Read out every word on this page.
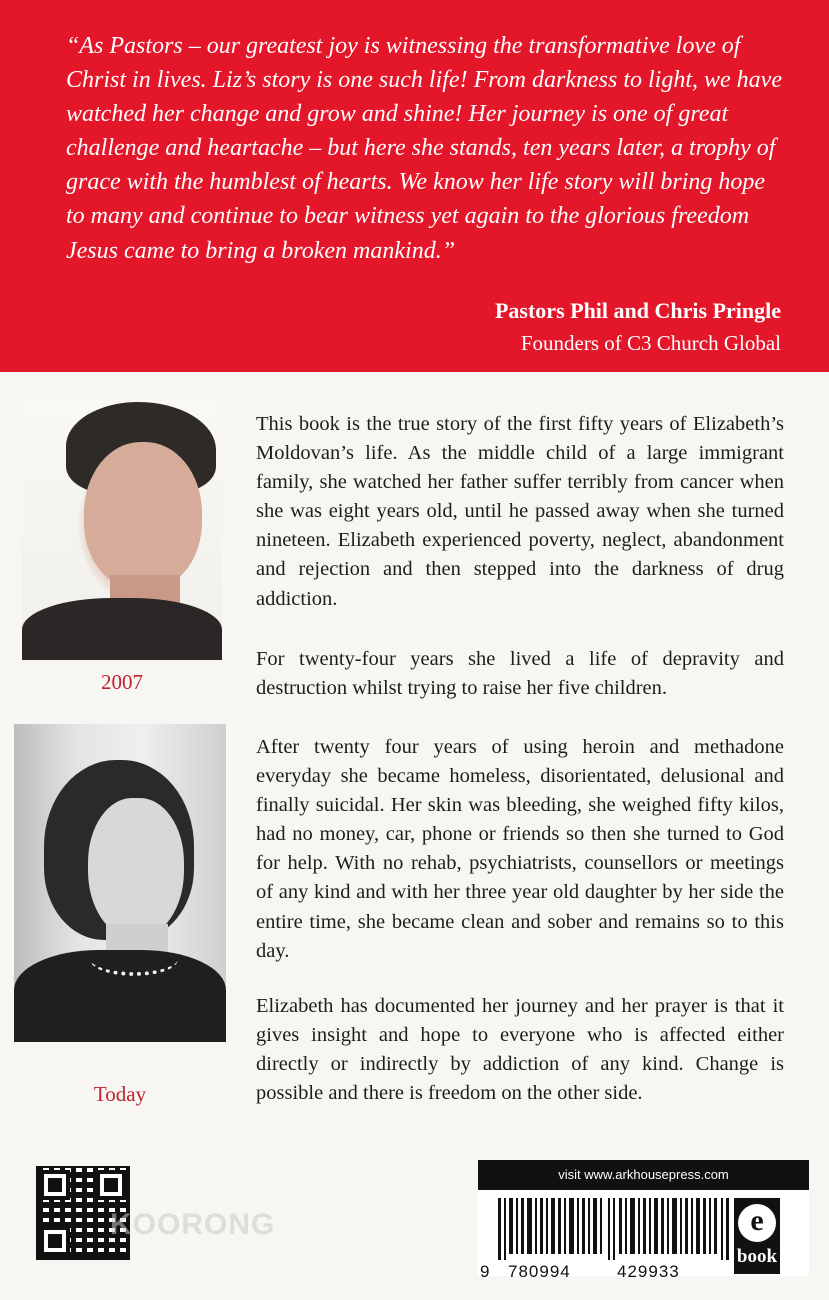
“As Pastors – our greatest joy is witnessing the transformative love of Christ in lives. Liz’s story is one such life! From darkness to light, we have watched her change and grow and shine! Her journey is one of great challenge and heartache – but here she stands, ten years later, a trophy of grace with the humblest of hearts. We know her life story will bring hope to many and continue to bear witness yet again to the glorious freedom Jesus came to bring a broken mankind.”

Pastors Phil and Chris Pringle
Founders of C3 Church Global
2007
Today

This book is the true story of the first fifty years of Elizabeth’s Moldovan’s life. As the middle child of a large immigrant family, she watched her father suffer terribly from cancer when she was eight years old, until he passed away when she turned nineteen. Elizabeth experienced poverty, neglect, abandonment and rejection and then stepped into the darkness of drug addiction.

For twenty-four years she lived a life of depravity and destruction whilst trying to raise her five children.

After twenty four years of using heroin and methadone everyday she became homeless, disorientated, delusional and finally suicidal. Her skin was bleeding, she weighed fifty kilos, had no money, car, phone or friends so then she turned to God for help. With no rehab, psychiatrists, counsellors or meetings of any kind and with her three year old daughter by her side the entire time, she became clean and sober and remains so to this day.

Elizabeth has documented her journey and her prayer is that it gives insight and hope to everyone who is affected either directly or indirectly by addiction of any kind. Change is possible and there is freedom on the other side.

KOORONG
visit www.arkhousepress.com
e
book
9 780994	429933
